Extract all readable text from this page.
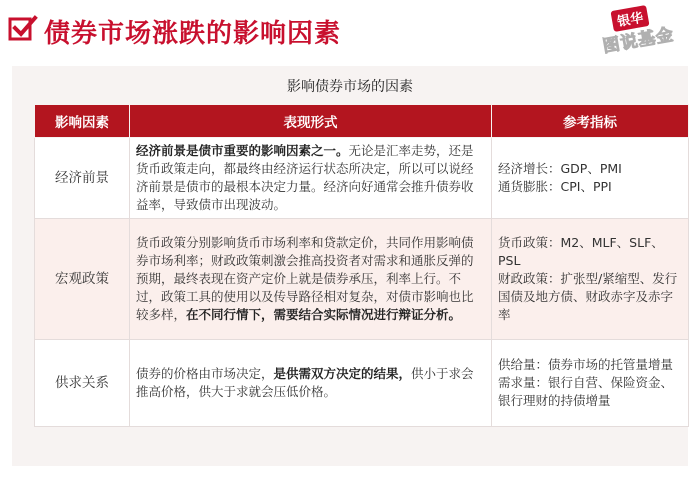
债券市场涨跌的影响因素	银华
图说基金
影响债券市场的因素
影响因素	表现形式	参考指标
经济前景	经济前景是债市重要的影响因素之一。无论是汇率走势，还是货币政策走向，都最终由经济运行状态所决定，所以可以说经济前景是债市的最根本决定力量。经济向好通常会推升债券收益率，导致债市出现波动。	经济增长：GDP、PMI
通货膨胀：CPI、PPI
宏观政策	货币政策分别影响货币市场利率和贷款定价，共同作用影响债券市场利率；财政政策刺激会推高投资者对需求和通胀反弹的预期，最终表现在资产定价上就是债券承压，利率上行。不过，政策工具的使用以及传导路径相对复杂，对债市影响也比较多样，在不同行情下，需要结合实际情况进行辩证分析。	货币政策：M2、MLF、SLF、PSL
财政政策：扩张型/紧缩型、发行国债及地方债、财政赤字及赤字率
供求关系	债券的价格由市场决定，是供需双方决定的结果，供小于求会推高价格，供大于求就会压低价格。	供给量：债券市场的托管量增量
需求量：银行自营、保险资金、银行理财的持债增量
